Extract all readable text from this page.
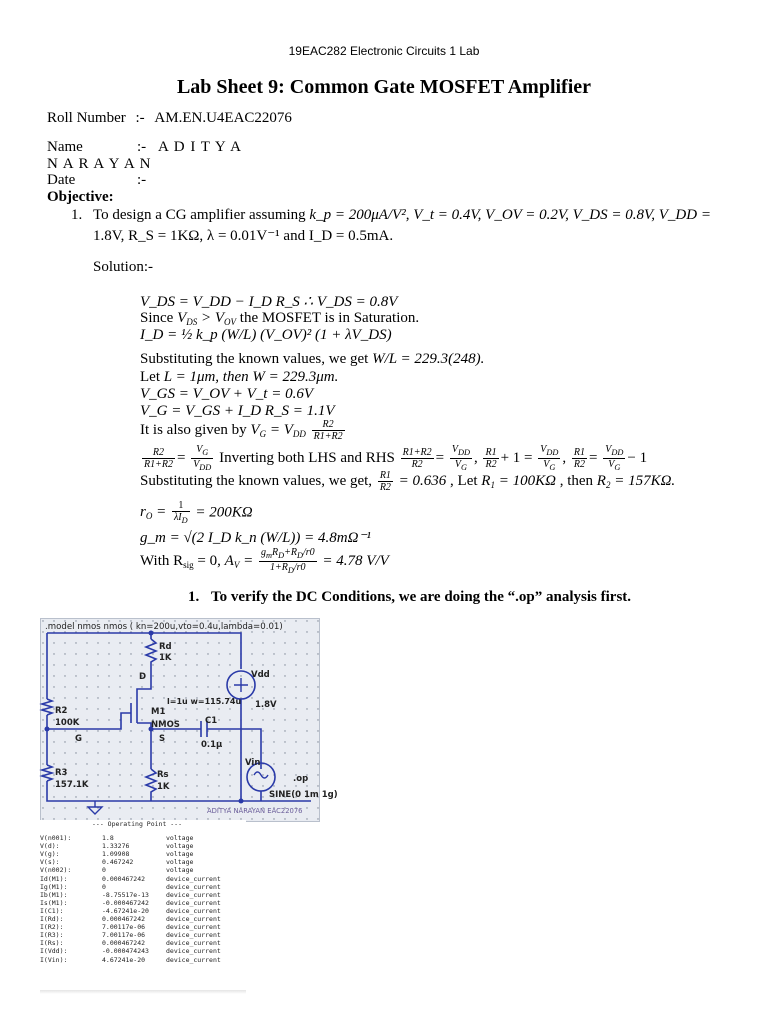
19EAC282 Electronic Circuits 1 Lab
Lab Sheet 9: Common Gate MOSFET Amplifier
Roll Number :- AM.EN.U4EAC22076
Name	:- A D I T Y A
N A R A Y A N
Date	:-
Objective:
1. To design a CG amplifier assuming k_p = 200μA/V², V_t = 0.4V, V_OV = 0.2V, V_DS = 0.8V, V_DD =
1.8V, R_S = 1KΩ, λ = 0.01V⁻¹ and I_D = 0.5mA.
Solution:-
V_DS = V_DD − I_D R_S ∴ V_DS = 0.8V
Since $V_{DS} > V_{OV}$ the MOSFET is in Saturation.
I_D = ½ k_p (W/L) (V_OV)² (1 + λV_DS)
Substituting the known values, we get W/L = 229.3(248).
Let L = 1μm, then W = 229.3μm.
V_GS = V_OV + V_t = 0.6V
V_G = V_GS + I_D R_S = 1.1V
It is also given by $V_G = V_{DD} \frac{R2}{R1+R2}$
$\frac{R2}{R1+R2} = \frac{V_G}{V_{DD}}$ Inverting both LHS and RHS $\frac{R1+R2}{R2} = \frac{V_{DD}}{V_G}$ , $\frac{R1}{R2} + 1 = \frac{V_{DD}}{V_G}$ , $\frac{R1}{R2} = \frac{V_{DD}}{V_G} - 1$
Substituting the known values, we get, $\frac{R1}{R2} = 0.636$ , Let $R_1 = 100K\Omega$ , then $R_2 = 157K\Omega$.
$r_O = \frac{1}{\lambda I_D} = 200K\Omega$
g_m = √(2 I_D k_n (W/L)) = 4.8mΩ⁻¹
With $R_{sig} = 0$, $A_V = \frac{g_mR_D+R_D/r0}{1+R_D/r0} = 4.78$ V/V
1. To verify the DC Conditions, we are doing the “.op” analysis first.
.model nmos nmos ( kn=200u,vto=0.4u,lambda=0.01)
Rd
1K
D	Vdd
1.8V
l=1u w=115.74u
M1
NMOS	C1
0.1μ
R2
100K
G	S
R3
157.1K
Rs
1K
Vin
.op
SINE(0 1m 1g)
ADITYA NARAYAN EAC22076
--- Operating Point ---
V(n001):	1.8	voltage
V(d):	1.33276	voltage
V(g):	1.09908	voltage
V(s):	0.467242	voltage
V(n002):	0	voltage
Id(M1):	0.000467242	device_current
Ig(M1):	0	device_current
Ib(M1):	-8.75517e-13	device_current
Is(M1):	-0.000467242	device_current
I(C1):	-4.67241e-20	device_current
I(Rd):	0.000467242	device_current
I(R2):	7.00117e-06	device_current
I(R3):	7.00117e-06	device_current
I(Rs):	0.000467242	device_current
I(Vdd):	-0.000474243	device_current
I(Vin):	4.67241e-20	device_current
